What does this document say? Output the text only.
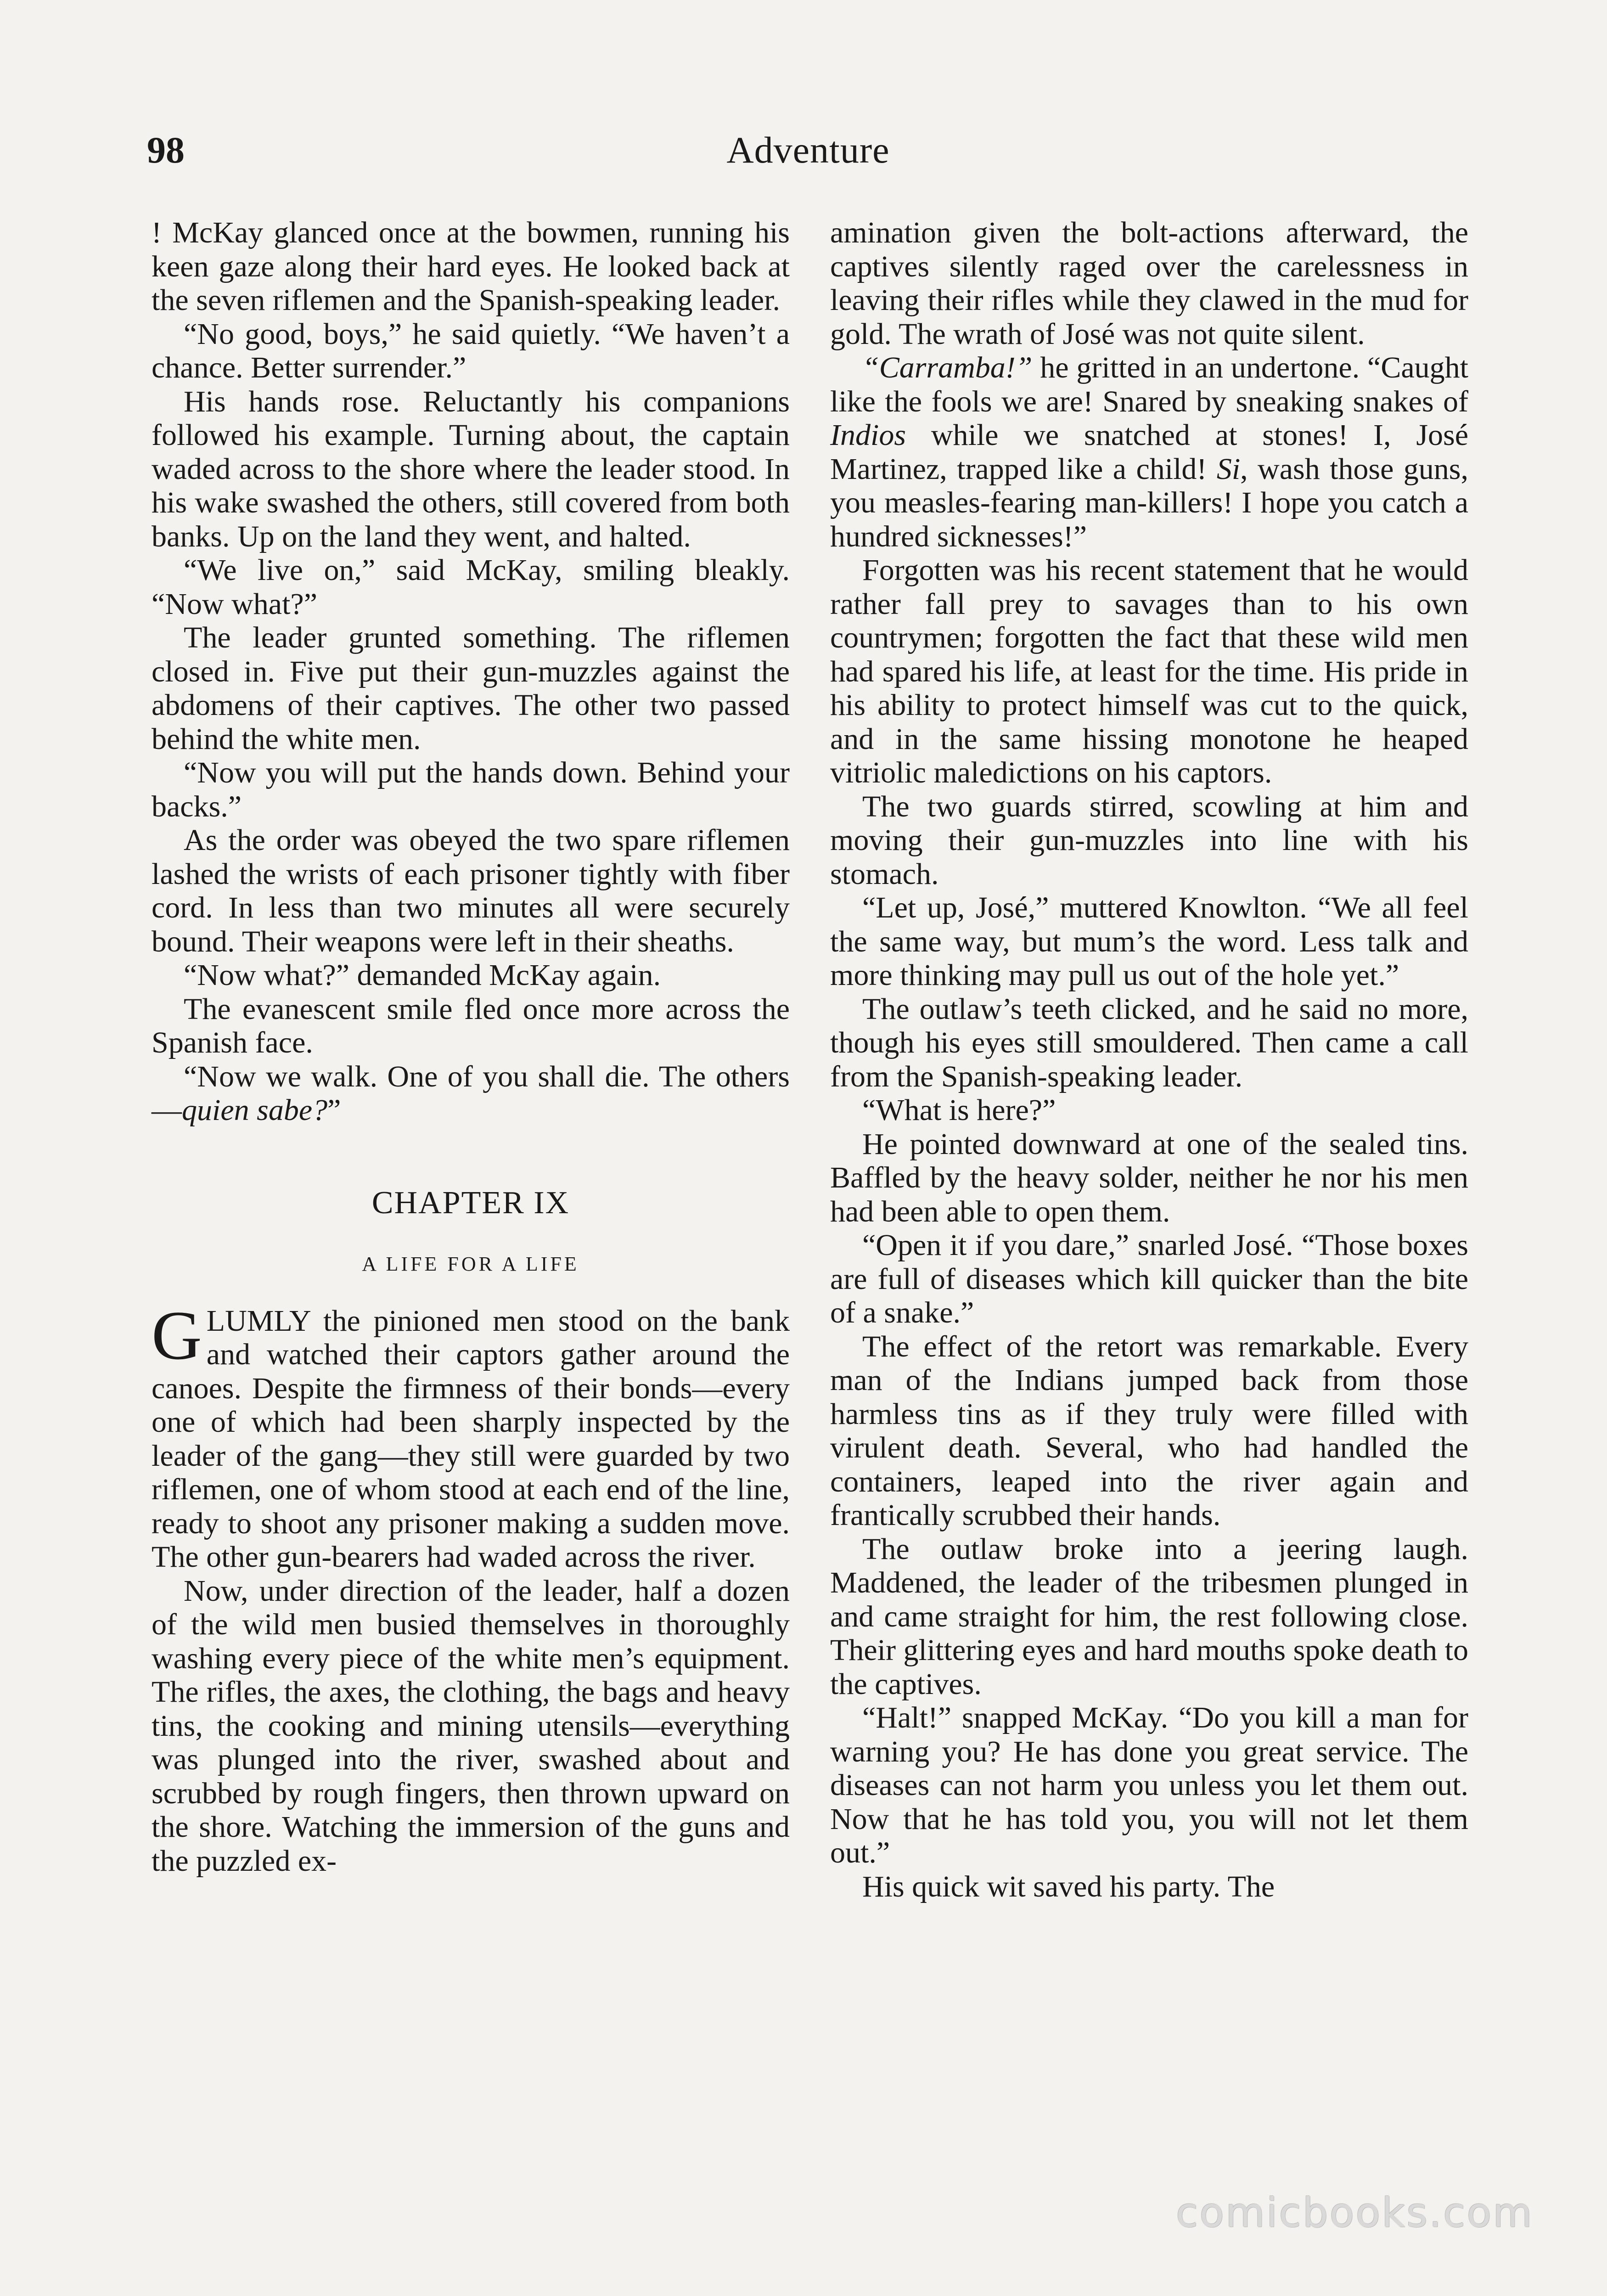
98	Adventure

! McKay glanced once at the bowmen, running his keen gaze along their hard eyes. He looked back at the seven riflemen and the Spanish-speaking leader.

“No good, boys,” he said quietly. “We haven’t a chance. Better surrender.”

His hands rose. Reluctantly his companions followed his example. Turning about, the captain waded across to the shore where the leader stood. In his wake swashed the others, still covered from both banks. Up on the land they went, and halted.

“We live on,” said McKay, smiling bleakly. “Now what?”

The leader grunted something. The riflemen closed in. Five put their gun-muzzles against the abdomens of their captives. The other two passed behind the white men.

“Now you will put the hands down. Behind your backs.”

As the order was obeyed the two spare riflemen lashed the wrists of each prisoner tightly with fiber cord. In less than two minutes all were securely bound. Their weapons were left in their sheaths.

“Now what?” demanded McKay again.

The evanescent smile fled once more across the Spanish face.

“Now we walk. One of you shall die. The others—quien sabe?”

CHAPTER IX
A LIFE FOR A LIFE

GLUMLY the pinioned men stood on the bank and watched their captors gather around the canoes. Despite the firmness of their bonds—every one of which had been sharply inspected by the leader of the gang—they still were guarded by two riflemen, one of whom stood at each end of the line, ready to shoot any prisoner making a sudden move. The other gun-bearers had waded across the river.

Now, under direction of the leader, half a dozen of the wild men busied themselves in thoroughly washing every piece of the white men’s equipment. The rifles, the axes, the clothing, the bags and heavy tins, the cooking and mining utensils—everything was plunged into the river, swashed about and scrubbed by rough fingers, then thrown upward on the shore. Watching the immersion of the guns and the puzzled ex-

amination given the bolt-actions afterward, the captives silently raged over the carelessness in leaving their rifles while they clawed in the mud for gold. The wrath of José was not quite silent.

“Carramba!” he gritted in an undertone. “Caught like the fools we are! Snared by sneaking snakes of Indios while we snatched at stones! I, José Martinez, trapped like a child! Si, wash those guns, you measles-fearing man-killers! I hope you catch a hundred sicknesses!”

Forgotten was his recent statement that he would rather fall prey to savages than to his own countrymen; forgotten the fact that these wild men had spared his life, at least for the time. His pride in his ability to protect himself was cut to the quick, and in the same hissing monotone he heaped vitriolic maledictions on his captors.

The two guards stirred, scowling at him and moving their gun-muzzles into line with his stomach.

“Let up, José,” muttered Knowlton. “We all feel the same way, but mum’s the word. Less talk and more thinking may pull us out of the hole yet.”

The outlaw’s teeth clicked, and he said no more, though his eyes still smouldered. Then came a call from the Spanish-speaking leader.

“What is here?”

He pointed downward at one of the sealed tins. Baffled by the heavy solder, neither he nor his men had been able to open them.

“Open it if you dare,” snarled José. “Those boxes are full of diseases which kill quicker than the bite of a snake.”

The effect of the retort was remarkable. Every man of the Indians jumped back from those harmless tins as if they truly were filled with virulent death. Several, who had handled the containers, leaped into the river again and frantically scrubbed their hands.

The outlaw broke into a jeering laugh. Maddened, the leader of the tribesmen plunged in and came straight for him, the rest following close. Their glittering eyes and hard mouths spoke death to the captives.

“Halt!” snapped McKay. “Do you kill a man for warning you? He has done you great service. The diseases can not harm you unless you let them out. Now that he has told you, you will not let them out.”

His quick wit saved his party. The

comicbooks.com
